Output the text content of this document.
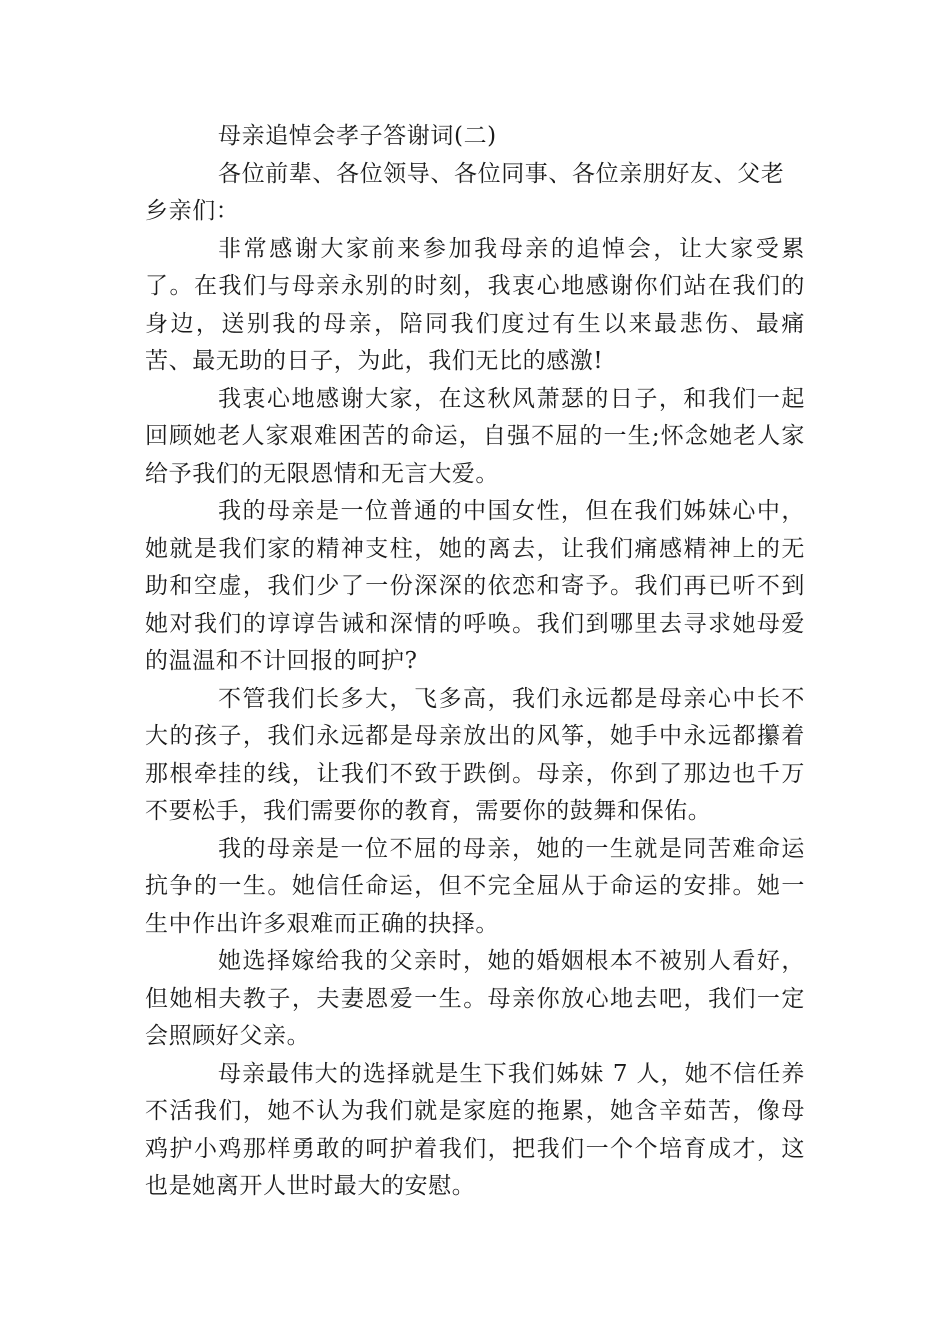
母亲追悼会孝子答谢词(二)

各位前辈、各位领导、各位同事、各位亲朋好友、父老乡亲们：

非常感谢大家前来参加我母亲的追悼会，让大家受累了。在我们与母亲永别的时刻，我衷心地感谢你们站在我们的身边，送别我的母亲，陪同我们度过有生以来最悲伤、最痛苦、最无助的日子，为此，我们无比的感激!

我衷心地感谢大家，在这秋风萧瑟的日子，和我们一起回顾她老人家艰难困苦的命运，自强不屈的一生;怀念她老人家给予我们的无限恩情和无言大爱。

我的母亲是一位普通的中国女性，但在我们姊妹心中，她就是我们家的精神支柱，她的离去，让我们痛感精神上的无助和空虚，我们少了一份深深的依恋和寄予。我们再已听不到她对我们的谆谆告诫和深情的呼唤。我们到哪里去寻求她母爱的温温和不计回报的呵护?

不管我们长多大，飞多高，我们永远都是母亲心中长不大的孩子，我们永远都是母亲放出的风筝，她手中永远都攥着那根牵挂的线，让我们不致于跌倒。母亲，你到了那边也千万不要松手，我们需要你的教育，需要你的鼓舞和保佑。

我的母亲是一位不屈的母亲，她的一生就是同苦难命运抗争的一生。她信任命运，但不完全屈从于命运的安排。她一生中作出许多艰难而正确的抉择。

她选择嫁给我的父亲时，她的婚姻根本不被别人看好，但她相夫教子，夫妻恩爱一生。母亲你放心地去吧，我们一定会照顾好父亲。

母亲最伟大的选择就是生下我们姊妹 7 人，她不信任养不活我们，她不认为我们就是家庭的拖累，她含辛茹苦，像母鸡护小鸡那样勇敢的呵护着我们，把我们一个个培育成才，这也是她离开人世时最大的安慰。
